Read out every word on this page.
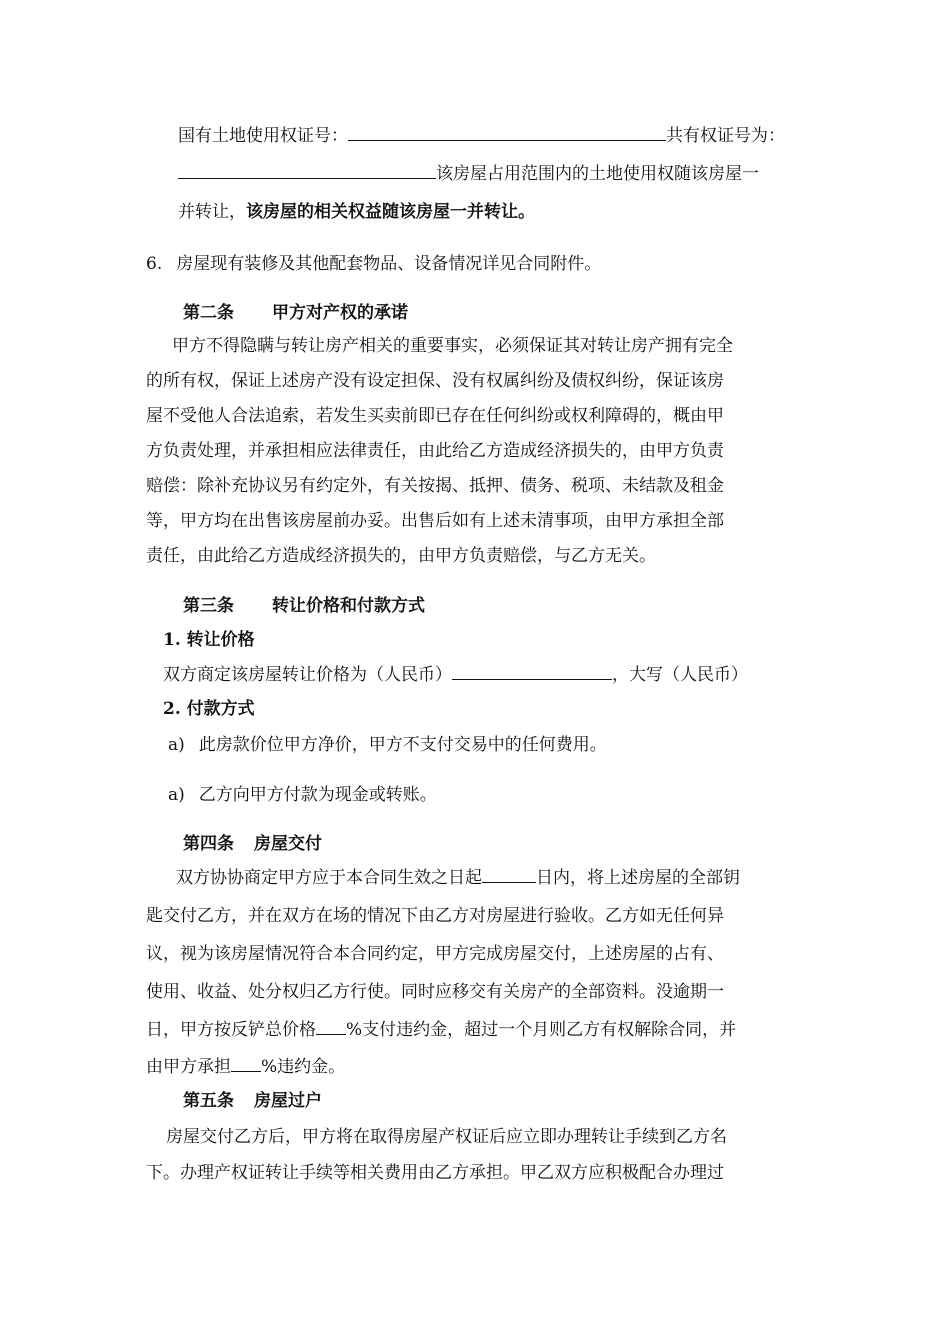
国有土地使用权证号：	共有权证号为：
该房屋占用范围内的土地使用权随该房屋一
并转让，该房屋的相关权益随该房屋一并转让。
6. 房屋现有装修及其他配套物品、设备情况详见合同附件。
第二条 甲方对产权的承诺
甲方不得隐瞒与转让房产相关的重要事实，必须保证其对转让房产拥有完全
的所有权，保证上述房产没有设定担保、没有权属纠纷及债权纠纷，保证该房
屋不受他人合法追索，若发生买卖前即已存在任何纠纷或权利障碍的，概由甲
方负责处理，并承担相应法律责任，由此给乙方造成经济损失的，由甲方负责
赔偿：除补充协议另有约定外，有关按揭、抵押、债务、税项、未结款及租金
等，甲方均在出售该房屋前办妥。出售后如有上述未清事项，由甲方承担全部
责任，由此给乙方造成经济损失的，由甲方负责赔偿，与乙方无关。
第三条 转让价格和付款方式
1. 转让价格
双方商定该房屋转让价格为（人民币）	，大写（人民币）
2. 付款方式
a) 此房款价位甲方净价，甲方不支付交易中的任何费用。
a) 乙方向甲方付款为现金或转账。
第四条 房屋交付
双方协协商定甲方应于本合同生效之日起	日内，将上述房屋的全部钥
匙交付乙方，并在双方在场的情况下由乙方对房屋进行验收。乙方如无任何异
议，视为该房屋情况符合本合同约定，甲方完成房屋交付，上述房屋的占有、
使用、收益、处分权归乙方行使。同时应移交有关房产的全部资料。没逾期一
日，甲方按反铲总价格 %支付违约金，超过一个月则乙方有权解除合同，并
由甲方承担 %违约金。
第五条 房屋过户
房屋交付乙方后，甲方将在取得房屋产权证后应立即办理转让手续到乙方名
下。办理产权证转让手续等相关费用由乙方承担。甲乙双方应积极配合办理过
